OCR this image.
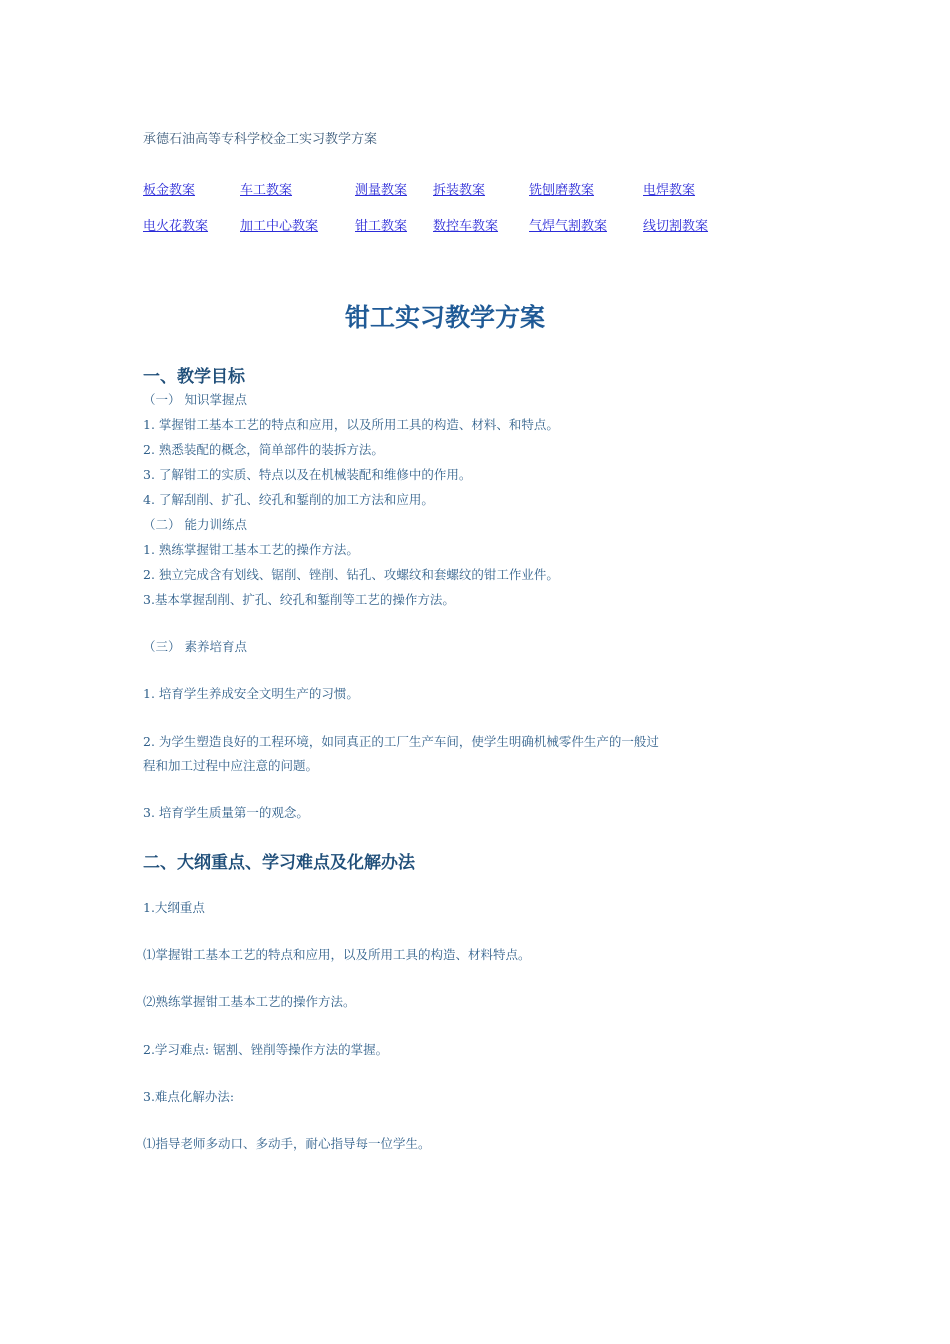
承德石油高等专科学校金工实习教学方案
板金教案	车工教案	测量教案 拆装教案	铣刨磨教案	电焊教案
电火花教案 加工中心教案	钳工教案 数控车教案 气焊气割教案	线切割教案
钳工实习教学方案
一、教学目标
（一） 知识掌握点
1. 掌握钳工基本工艺的特点和应用，以及所用工具的构造、材料、和特点。
2. 熟悉装配的概念，简单部件的装拆方法。
3. 了解钳工的实质、特点以及在机械装配和维修中的作用。
4. 了解刮削、扩孔、绞孔和錾削的加工方法和应用。
（二） 能力训练点
1. 熟练掌握钳工基本工艺的操作方法。
2. 独立完成含有划线、锯削、锉削、钻孔、攻螺纹和套螺纹的钳工作业件。
3.基本掌握刮削、扩孔、绞孔和錾削等工艺的操作方法。
（三） 素养培育点
1. 培育学生养成安全文明生产的习惯。
2. 为学生塑造良好的工程环境，如同真正的工厂生产车间，使学生明确机械零件生产的一般过
程和加工过程中应注意的问题。
3. 培育学生质量第一的观念。
二、大纲重点、学习难点及化解办法
1.大纲重点
⑴掌握钳工基本工艺的特点和应用，以及所用工具的构造、材料特点。
⑵熟练掌握钳工基本工艺的操作方法。
2.学习难点: 锯割、锉削等操作方法的掌握。
3.难点化解办法:
⑴指导老师多动口、多动手，耐心指导每一位学生。
